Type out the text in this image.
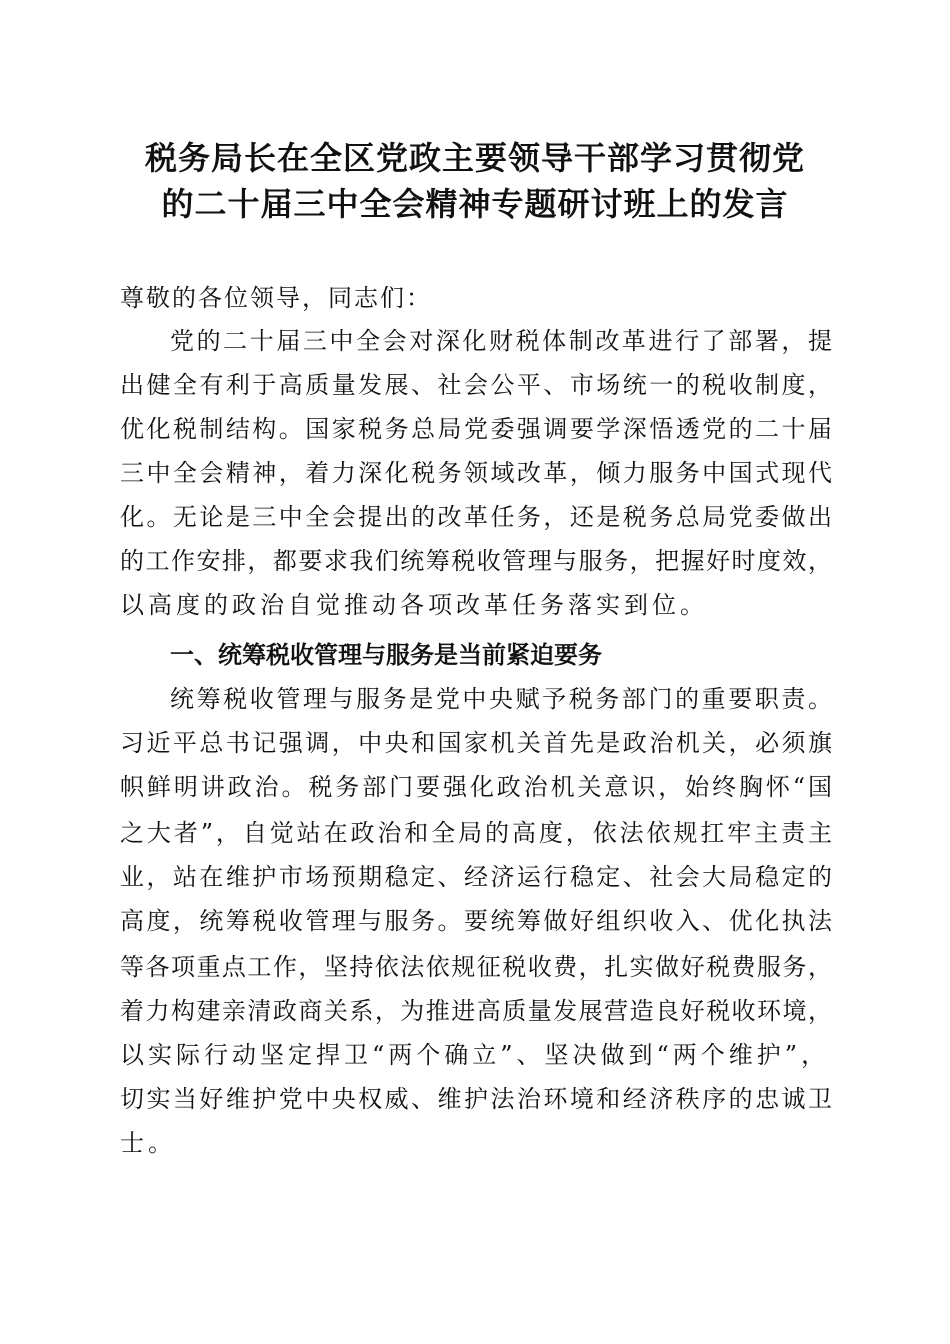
税务局长在全区党政主要领导干部学习贯彻党
的二十届三中全会精神专题研讨班上的发言
尊敬的各位领导，同志们：
党的二十届三中全会对深化财税体制改革进行了部署，提
出健全有利于高质量发展、社会公平、市场统一的税收制度，
优化税制结构。国家税务总局党委强调要学深悟透党的二十届
三中全会精神，着力深化税务领域改革，倾力服务中国式现代
化。无论是三中全会提出的改革任务，还是税务总局党委做出
的工作安排，都要求我们统筹税收管理与服务，把握好时度效，
以高度的政治自觉推动各项改革任务落实到位。
一、统筹税收管理与服务是当前紧迫要务
统筹税收管理与服务是党中央赋予税务部门的重要职责。
习近平总书记强调，中央和国家机关首先是政治机关，必须旗
帜鲜明讲政治。税务部门要强化政治机关意识，始终胸怀“国
之大者”，自觉站在政治和全局的高度，依法依规扛牢主责主
业，站在维护市场预期稳定、经济运行稳定、社会大局稳定的
高度，统筹税收管理与服务。要统筹做好组织收入、优化执法
等各项重点工作，坚持依法依规征税收费，扎实做好税费服务，
着力构建亲清政商关系，为推进高质量发展营造良好税收环境，
以实际行动坚定捍卫“两个确立”、坚决做到“两个维护”，
切实当好维护党中央权威、维护法治环境和经济秩序的忠诚卫
士。
